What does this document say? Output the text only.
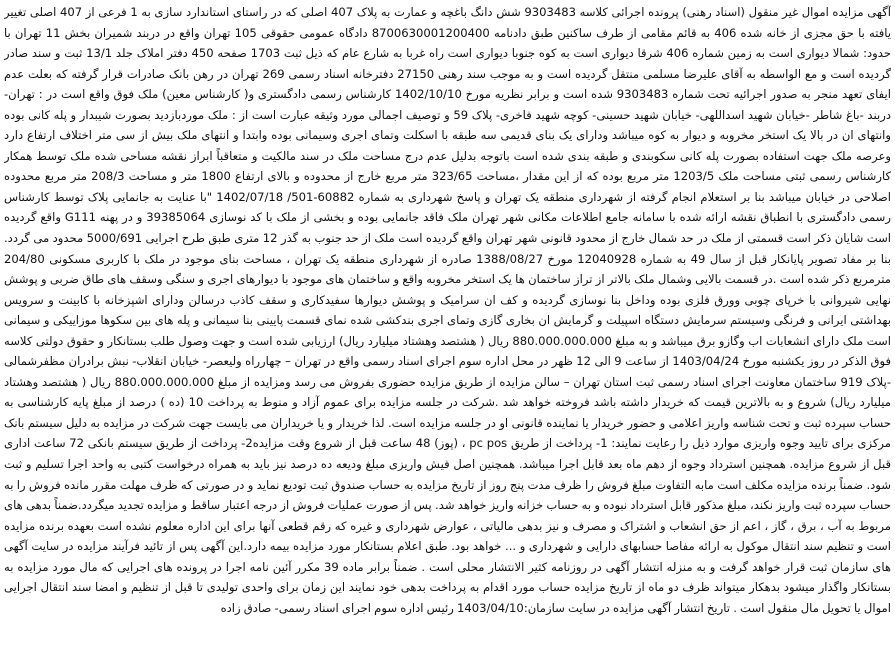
آگهی مزایده اموال غیر منقول (اسناد رهنی) پرونده اجرائی کلاسه 9303483 شش دانگ باغچه و عمارت به پلاک 407 اصلی که در راستای استاندارد سازی به 1 فرعی از 407 اصلی تغییر یافته با حق مجزی از خانه شده 406 به قائم مقامی از طرف ساکنین طبق دادنامه 8700630001200400 دادگاه عمومی حقوقی 105 تهران واقع در دربند شمیران بخش 11 تهران با حدود: شمالا دیواری است به زمین شماره 406 شرقا دیواری است به کوه جنوبا دیواری است راه غربا به شارع عام که ذیل ثبت 1703 صفحه 450 دفتر املاک جلد 13/1 ثبت و سند صادر گردیده است و مع الواسطه به آقای علیرضا مسلمی منتقل گردیده است و به موجب سند رهنی 27150 دفترخانه اسناد رسمی 269 تهران در رهن بانک صادرات قرار گرفته که بعلت عدم ایفای تعهد منجر به صدور اجرائیه تحت شماره 9303483 شده است و برابر نظریه مورخ 1402/10/10 کارشناس رسمی دادگستری و( کارشناس معین) ملک فوق واقع است در : تهران- دربند -باغ شاطر -خیابان شهید اسداللهی- خیابان شهید حسینی- کوچه شهید فاخری- پلاک 59 و توصیف اجمالی مورد وثیقه عبارت است از : ملک موردبازدید بصورت شیبدار و پله کانی بوده وانتهای ان در بالا یک استخر مخروبه و دیوار به کوه میباشد ودارای یک بنای قدیمی سه طبقه با اسکلت وتمای اجری وسیمانی بوده وابتدا و انتهای ملک بیش از سی متر اختلاف ارتفاع دارد وعرصه ملک جهت استفاده بصورت پله کانی سکوبندی و طبقه بندی شده است باتوجه بدلیل عدم درج مساحت ملک در سند مالکیت و متعاقباً ابراز نقشه مساحی شده ملک توسط همکار کارشناس رسمی ثبتی مساحت ملک 1203/5 متر مربع بوده که از این مقدار ،مساحت 323/65 متر مربع خارج از محدوده و بالای ارتفاع 1800 متر و مساحت 208/3 متر مربع محدوده اصلاحی در خیابان میباشد بنا بر استعلام انجام گرفته از شهرداری منطقه یک تهران و پاسخ شهرداری به شماره 60882-501/ 1402/07/18 "با عنایت به جانمایی پلاک توسط کارشناس رسمی دادگستری با انطباق نقشه ارائه شده با سامانه جامع اطلاعات مکانی شهر تهران ملک فاقد جانمایی بوده و بخشی از ملک با کد نوسازی 39385064 و در پهنه G111 واقع گردیده است شایان ذکر است قسمتی از ملک در حد شمال خارج از محدود قانونی شهر تهران واقع گردیده است ملک از حد جنوب به گذر 12 متری طبق طرح اجرایی 5000/691 محدود می گردد. بنا بر مفاد تصویر پایانکار قبل از سال 49 به شماره 12040928 مورخ 1388/08/27 صادره از شهرداری منطقه یک تهران ، مساحت بنای موجود در ملک با کاربری مسکونی 204/80 مترمربع ذکر شده است .در قسمت بالایی وشمال ملک بالاتر از تراز ساختمان ها یک استخر مخروبه واقع و ساختمان های موجود با دیوارهای اجری و سنگی وسقف های طاق ضربی و پوشش نهایی شیروانی با خرپای چوبی وورق فلزی بوده وداخل بنا نوسازی گردیده و کف ان سرامیک و پوشش دیوارها سفیدکاری و سقف کاذب درسالن ودارای اشپزخانه با کابینت و سرویس بهداشتی ایرانی و فرنگی وسیستم سرمایش دستگاه اسپیلت و گرمایش ان بخاری گازی وتمای اجری بندکشی شده نمای قسمت پایینی بنا سیمانی و پله های بین سکوها موزاییکی و سیمانی است ملک دارای انشعابات اب وگازو برق میباشد و به مبلغ 880.000.000.000 ریال ( هشتصد وهشتاد میلیارد ریال) ارزیابی شده است و جهت وصول طلب بستانکار و حقوق دولتی کلاسه فوق الذکر در روز یکشنبه مورخ 1403/04/24 از ساعت 9 الی 12 ظهر در محل اداره سوم اجرای اسناد رسمی واقع در تهران – چهارراه ولیعصر- خیابان انقلاب- نبش برادران مظفرشمالی -پلاک 919 ساختمان معاونت اجرای اسناد رسمی ثبت استان تهران – سالن مزایده از طریق مزایده حضوری بفروش می رسد ومزایده از مبلغ 880.000.000.000 ریال ( هشتصد وهشتاد میلیارد ریال) شروع و به بالاترین قیمت که خریدار داشته باشد فروخته خواهد شد .شرکت در جلسه مزایده برای عموم آزاد و منوط به پرداخت 10 (ده ) درصد از مبلغ پایه کارشناسی به حساب سپرده ثبت و تحت شناسه واریز اعلامی و حضور خریدار یا نماینده قانونی او در جلسه مزایده است. لذا خریدار و یا خریداران می بایست جهت شرکت در مزایده به دلیل سیستم بانک مرکزی برای تایید وجوه واریزی موارد ذیل را رعایت نمایند: 1- پرداخت از طریق pc pos ، (پوز) 48 ساعت قبل از شروع وقت مزایده2- پرداخت از طریق سیستم بانکی 72 ساعت اداری قبل از شروع مزایده. همچنین استرداد وجوه از دهم ماه بعد قابل اجرا میباشد. همچنین اصل فیش واریزی مبلغ ودیعه ده درصد نیز باید به همراه درخواست کتبی به واحد اجرا تسلیم و ثبت شود. ضمناً برنده مزایده مکلف است مابه التفاوت مبلغ فروش را ظرف مدت پنج روز از تاریخ مزایده به حساب صندوق ثبت تودیع نماید و در صورتی که ظرف مهلت مقرر مانده فروش را به حساب سپرده ثبت واریز نکند، مبلغ مذکور قابل استرداد نبوده و به حساب خزانه واریز خواهد شد. پس از صورت عملیات فروش از درجه اعتبار ساقط و مزایده تجدید میگردد.ضمناً بدهی های مربوط به آب ، برق ، گاز ، اعم از حق انشعاب و اشتراک و مصرف و نیز بدهی مالیاتی ، عوارض شهرداری و غیره که رقم قطعی آنها برای این اداره معلوم نشده است بعهده برنده مزایده است و تنظیم سند انتقال موکول به ارائه مفاصا حسابهای دارایی و شهرداری و ... خواهد بود. طبق اعلام بستانکار مورد مزایده بیمه دارد.این آگهی پس از تائید فرآیند مزایده در سایت آگهی های سازمان ثبت قرار خواهد گرفت و به منزله انتشار آگهی در روزنامه کثیر الانتشار محلی است . ضمناً برابر ماده 39 مکرر آئین نامه اجرا در پرونده های اجرایی که مال مورد مزایده به بستانکار واگذار میشود بدهکار میتواند ظرف دو ماه از تاریخ مزایده حساب مورد اقدام به پرداخت بدهی خود نمایند این زمان برای واحدی تولیدی تا قبل از تنظیم و امضا سند انتقال اجرایی اموال یا تحویل مال منقول است . تاریخ انتشار آگهی مزایده در سایت سازمان:1403/04/10 رئیس اداره سوم اجرای اسناد رسمی- صادق زاده
